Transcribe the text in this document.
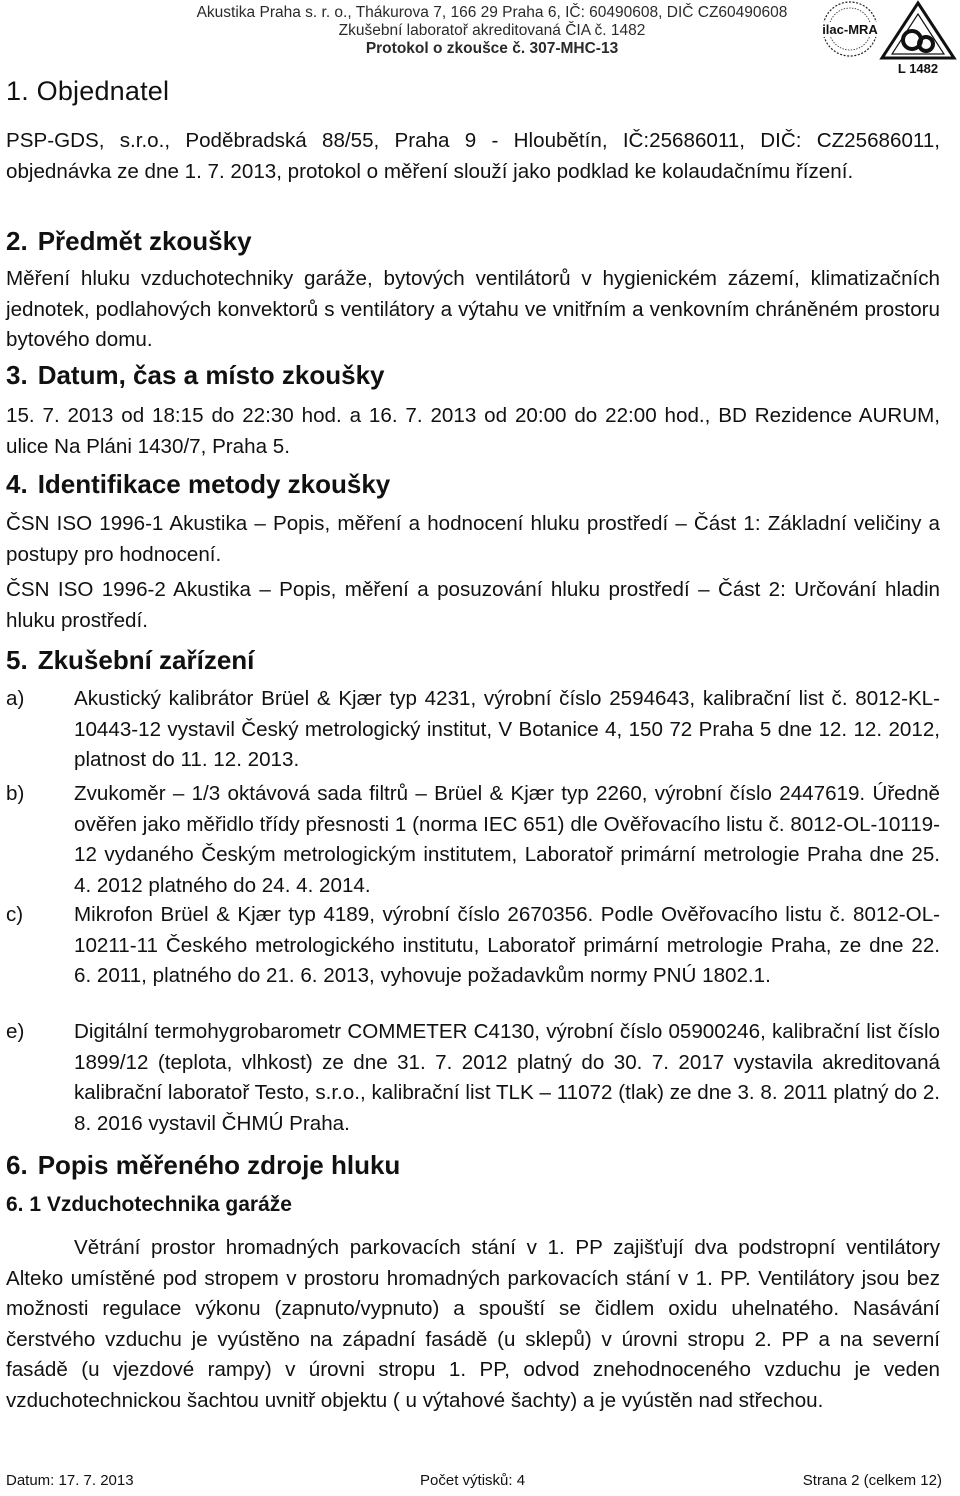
Akustika Praha s. r. o., Thákurova 7, 166 29 Praha 6, IČ: 60490608, DIČ CZ60490608
Zkušební laboratoř akreditovaná ČIA č. 1482
Protokol o zkoušce č. 307-MHC-13
ilac-MRA
L 1482
1. Objednatel

PSP-GDS, s.r.o., Poděbradská 88/55, Praha 9 - Hloubětín, IČ:25686011, DIČ: CZ25686011, objednávka ze dne 1. 7. 2013, protokol o měření slouží jako podklad ke kolaudačnímu řízení.

2. Předmět zkoušky

Měření hluku vzduchotechniky garáže, bytových ventilátorů v hygienickém zázemí, klimatizačních jednotek, podlahových konvektorů s ventilátory a výtahu ve vnitřním a venkovním chráněném prostoru bytového domu.

3. Datum, čas a místo zkoušky

15. 7. 2013 od 18:15 do 22:30 hod. a 16. 7. 2013 od 20:00 do 22:00 hod., BD Rezidence AURUM, ulice Na Pláni 1430/7, Praha 5.

4. Identifikace metody zkoušky

ČSN ISO 1996-1 Akustika – Popis, měření a hodnocení hluku prostředí – Část 1: Základní veličiny a postupy pro hodnocení.

ČSN ISO 1996-2 Akustika – Popis, měření a posuzování hluku prostředí – Část 2: Určování hladin hluku prostředí.

5. Zkušební zařízení
a)	Akustický kalibrátor Brüel & Kjær typ 4231, výrobní číslo 2594643, kalibrační list č. 8012-KL-10443-12 vystavil Český metrologický institut, V Botanice 4, 150 72 Praha 5 dne 12. 12. 2012, platnost do 11. 12. 2013.
b)	Zvukoměr – 1/3 oktávová sada filtrů – Brüel & Kjær typ 2260, výrobní číslo 2447619. Úředně ověřen jako měřidlo třídy přesnosti 1 (norma IEC 651) dle Ověřovacího listu č. 8012-OL-10119-12 vydaného Českým metrologickým institutem, Laboratoř primární metrologie Praha dne 25. 4. 2012 platného do 24. 4. 2014.
c)	Mikrofon Brüel & Kjær typ 4189, výrobní číslo 2670356. Podle Ověřovacího listu č. 8012-OL-10211-11 Českého metrologického institutu, Laboratoř primární metrologie Praha, ze dne 22. 6. 2011, platného do 21. 6. 2013, vyhovuje požadavkům normy PNÚ 1802.1.
e)	Digitální termohygrobarometr COMMETER C4130, výrobní číslo 05900246, kalibrační list číslo 1899/12 (teplota, vlhkost) ze dne 31. 7. 2012 platný do 30. 7. 2017 vystavila akreditovaná kalibrační laboratoř Testo, s.r.o., kalibrační list TLK – 11072 (tlak) ze dne 3. 8. 2011 platný do 2. 8. 2016 vystavil ČHMÚ Praha.
6. Popis měřeného zdroje hluku
6. 1 Vzduchotechnika garáže

Větrání prostor hromadných parkovacích stání v 1. PP zajišťují dva podstropní ventilátory Alteko umístěné pod stropem v prostoru hromadných parkovacích stání v 1. PP. Ventilátory jsou bez možnosti regulace výkonu (zapnuto/vypnuto) a spouští se čidlem oxidu uhelnatého. Nasávání čerstvého vzduchu je vyústěno na západní fasádě (u sklepů) v úrovni stropu 2. PP a na severní fasádě (u vjezdové rampy) v úrovni stropu 1. PP, odvod znehodnoceného vzduchu je veden vzduchotechnickou šachtou uvnitř objektu ( u výtahové šachty) a je vyústěn nad střechou.

Datum: 17. 7. 2013	Počet výtisků: 4	Strana 2 (celkem 12)
